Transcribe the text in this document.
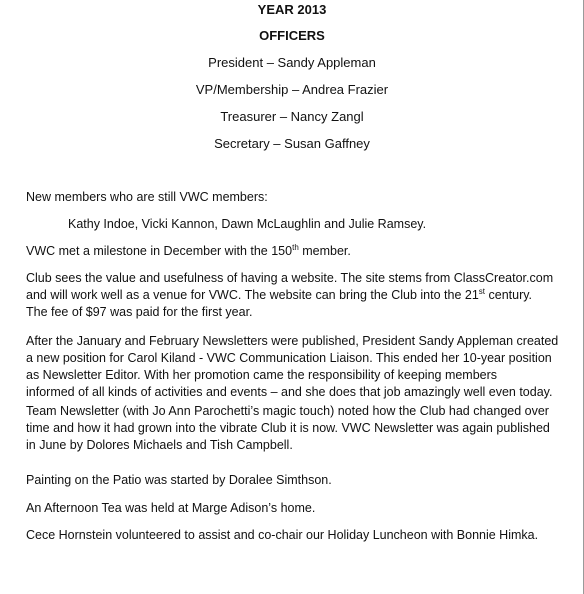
YEAR 2013
OFFICERS
President – Sandy Appleman
VP/Membership – Andrea Frazier
Treasurer – Nancy Zangl
Secretary – Susan Gaffney
New members who are still VWC members:
Kathy Indoe, Vicki Kannon, Dawn McLaughlin and Julie Ramsey.
VWC met a milestone in December with the 150th member.
Club sees the value and usefulness of having a website. The site stems from ClassCreator.com
and will work well as a venue for VWC. The website can bring the Club into the 21st century.
The fee of $97 was paid for the first year.
After the January and February Newsletters were published, President Sandy Appleman created
a new position for Carol Kiland - VWC Communication Liaison. This ended her 10-year position
as Newsletter Editor. With her promotion came the responsibility of keeping members
informed of all kinds of activities and events – and she does that job amazingly well even today.
Team Newsletter (with Jo Ann Parochetti’s magic touch) noted how the Club had changed over
time and how it had grown into the vibrate Club it is now. VWC Newsletter was again published
in June by Dolores Michaels and Tish Campbell.
Painting on the Patio was started by Doralee Simthson.
An Afternoon Tea was held at Marge Adison’s home.
Cece Hornstein volunteered to assist and co-chair our Holiday Luncheon with Bonnie Himka.
